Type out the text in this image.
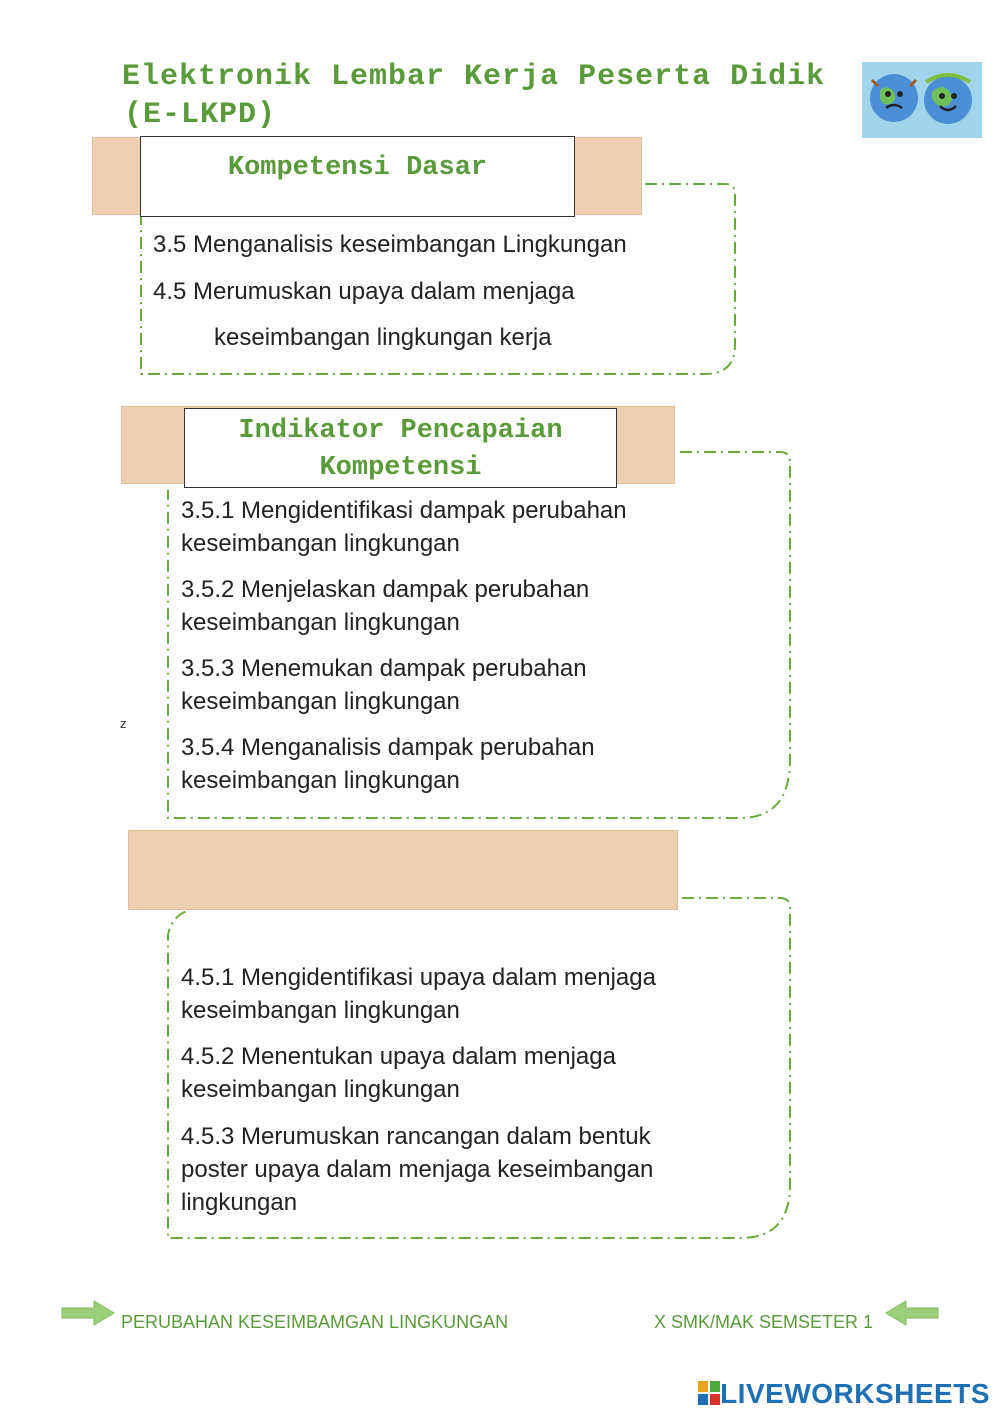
Elektronik Lembar Kerja Peserta Didik
(E-LKPD)
Kompetensi Dasar
3.5 Menganalisis keseimbangan Lingkungan
4.5 Merumuskan upaya dalam menjaga
keseimbangan lingkungan kerja
Indikator Pencapaian
Kompetensi
3.5.1 Mengidentifikasi dampak perubahan
keseimbangan lingkungan
3.5.2 Menjelaskan dampak perubahan
keseimbangan lingkungan
3.5.3 Menemukan dampak perubahan
keseimbangan lingkungan
3.5.4 Menganalisis dampak perubahan
keseimbangan lingkungan
z
4.5.1 Mengidentifikasi upaya dalam menjaga
keseimbangan lingkungan
4.5.2 Menentukan upaya dalam menjaga
keseimbangan lingkungan
4.5.3 Merumuskan rancangan dalam bentuk
poster upaya dalam menjaga keseimbangan
lingkungan
PERUBAHAN KESEIMBAMGAN LINGKUNGAN	X SMK/MAK SEMSETER 1
LIVEWORKSHEETS
